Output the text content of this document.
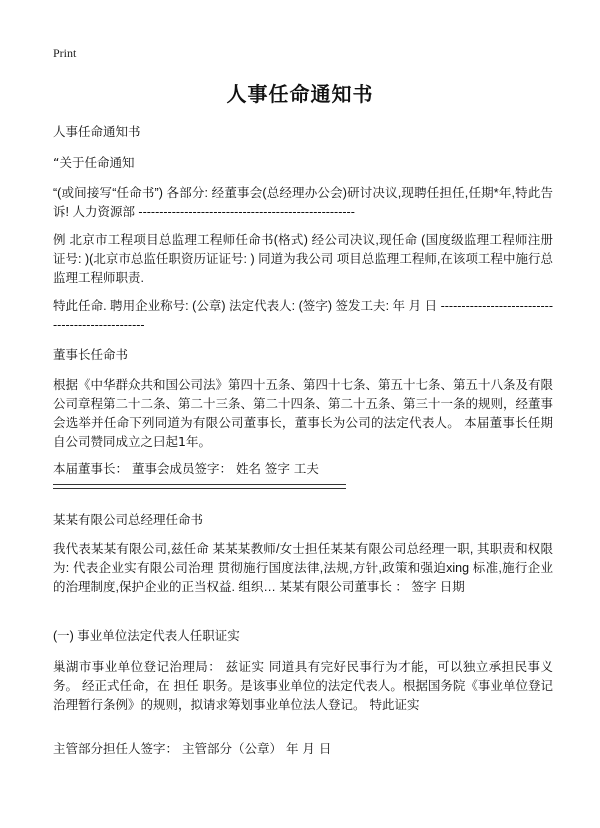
Print
人事任命通知书

人事任命通知书

“关于任命通知

“(或间接写“任命书”) 各部分: 经董事会(总经理办公会)研讨决议,现聘任担任,任期*年,特此告诉! 人力资源部 ----------------------------------------------------

例 北京市工程项目总监理工程师任命书(格式) 经公司决议,现任命 (国度级监理工程师注册证号: )(北京市总监任职资历证证号: ) 同道为我公司 项目总监理工程师,在该项工程中施行总监理工程师职责.

特此任命. 聘用企业称号: (公章) 法定代表人: (签字) 签发工夫: 年 月 日 -------------------------------------------------

董事长任命书

根据《中华群众共和国公司法》第四十五条、第四十七条、第五十七条、第五十八条及有限公司章程第二十二条、第二十三条、第二十四条、第二十五条、第三十一条的规则，经董事会选举并任命下列同道为有限公司董事长，董事长为公司的法定代表人。 本届董事长任期自公司赞同成立之曰起1年。

本届董事长： 董事会成员签字： 姓名 签字 工夫

某某有限公司总经理任命书

我代表某某有限公司,兹任命 某某某教师/女士担任某某有限公司总经理一职, 其职责和权限为: 代表企业实有限公司治理 贯彻施行国度法律,法规,方针,政策和强迫xing 标准,施行企业的治理制度,保护企业的正当权益. 组织… 某某有限公司董事长 ： 签字 日期

(一) 事业单位法定代表人任职证实

巢湖市事业单位登记治理局： 兹证实 同道具有完好民事行为才能，可以独立承担民事义务。 经正式任命，在 担任 职务。是该事业单位的法定代表人。根据国务院《事业单位登记治理暂行条例》的规则，拟请求筹划事业单位法人登记。 特此证实

主管部分担任人签字： 主管部分（公章） 年 月 日
